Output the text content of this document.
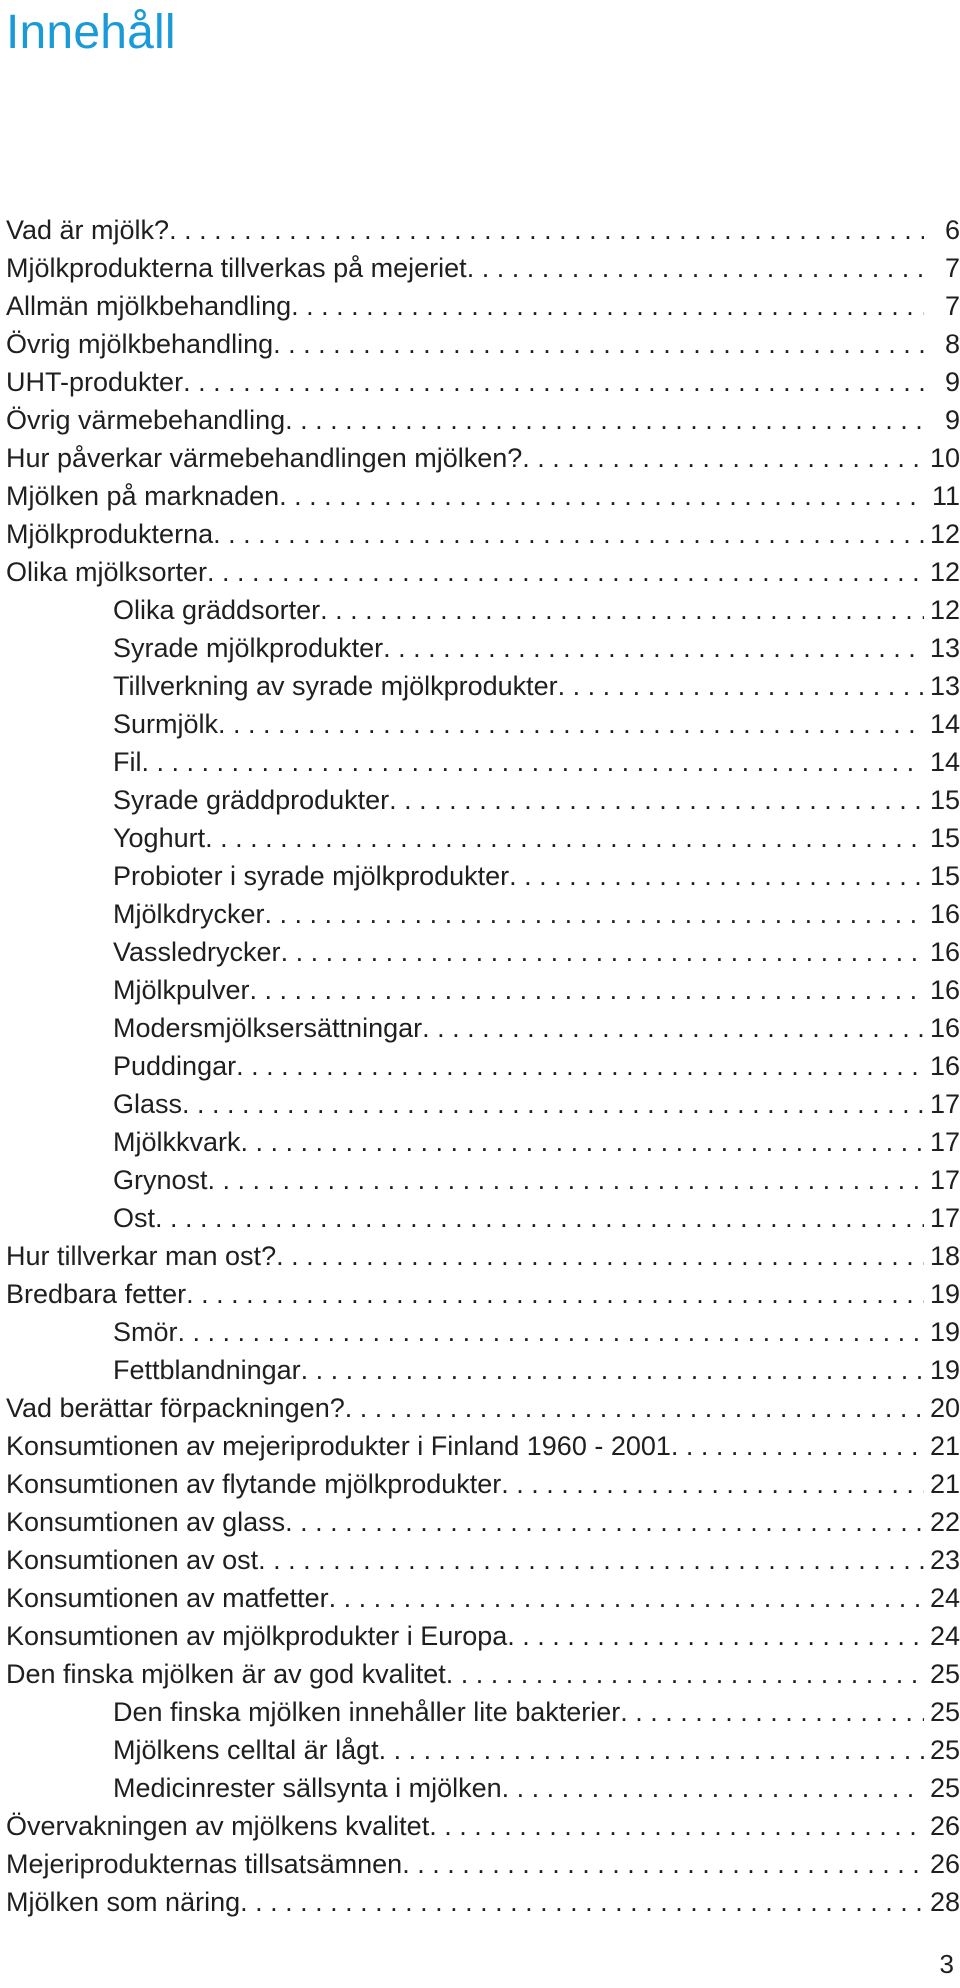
Innehåll
Vad är mjölk? . . .	6
Mjölkprodukterna tillverkas på mejeriet . . .	7
Allmän mjölkbehandling . . .	7
Övrig mjölkbehandling . . .	8
UHT-produkter . . .	9
Övrig värmebehandling . . .	9
Hur påverkar värmebehandlingen mjölken? . . .	10
Mjölken på marknaden . . .	11
Mjölkprodukterna . . .	12
Olika mjölksorter . . .	12
Olika gräddsorter . . .	12
Syrade mjölkprodukter . . .	13
Tillverkning av syrade mjölkprodukter . . .	13
Surmjölk . . .	14
Fil . . .	14
Syrade gräddprodukter . . .	15
Yoghurt . . .	15
Probioter i syrade mjölkprodukter . . .	15
Mjölkdrycker . . .	16
Vassledrycker . . .	16
Mjölkpulver . . .	16
Modersmjölksersättningar . . .	16
Puddingar . . .	16
Glass . . .	17
Mjölkkvark . . .	17
Grynost . . .	17
Ost . . .	17
Hur tillverkar man ost? . . .	18
Bredbara fetter . . .	19
Smör . . .	19
Fettblandningar . . .	19
Vad berättar förpackningen? . . .	20
Konsumtionen av mejeriprodukter i Finland 1960 - 2001 . . .	21
Konsumtionen av flytande mjölkprodukter . . .	21
Konsumtionen av glass . . .	22
Konsumtionen av ost . . .	23
Konsumtionen av matfetter . . .	24
Konsumtionen av mjölkprodukter i Europa . . .	24
Den finska mjölken är av god kvalitet . . .	25
Den finska mjölken innehåller lite bakterier . . .	25
Mjölkens celltal är lågt . . .	25
Medicinrester sällsynta i mjölken . . .	25
Övervakningen av mjölkens kvalitet . . .	26
Mejeriprodukternas tillsatsämnen . . .	26
Mjölken som näring . . .	28
3
